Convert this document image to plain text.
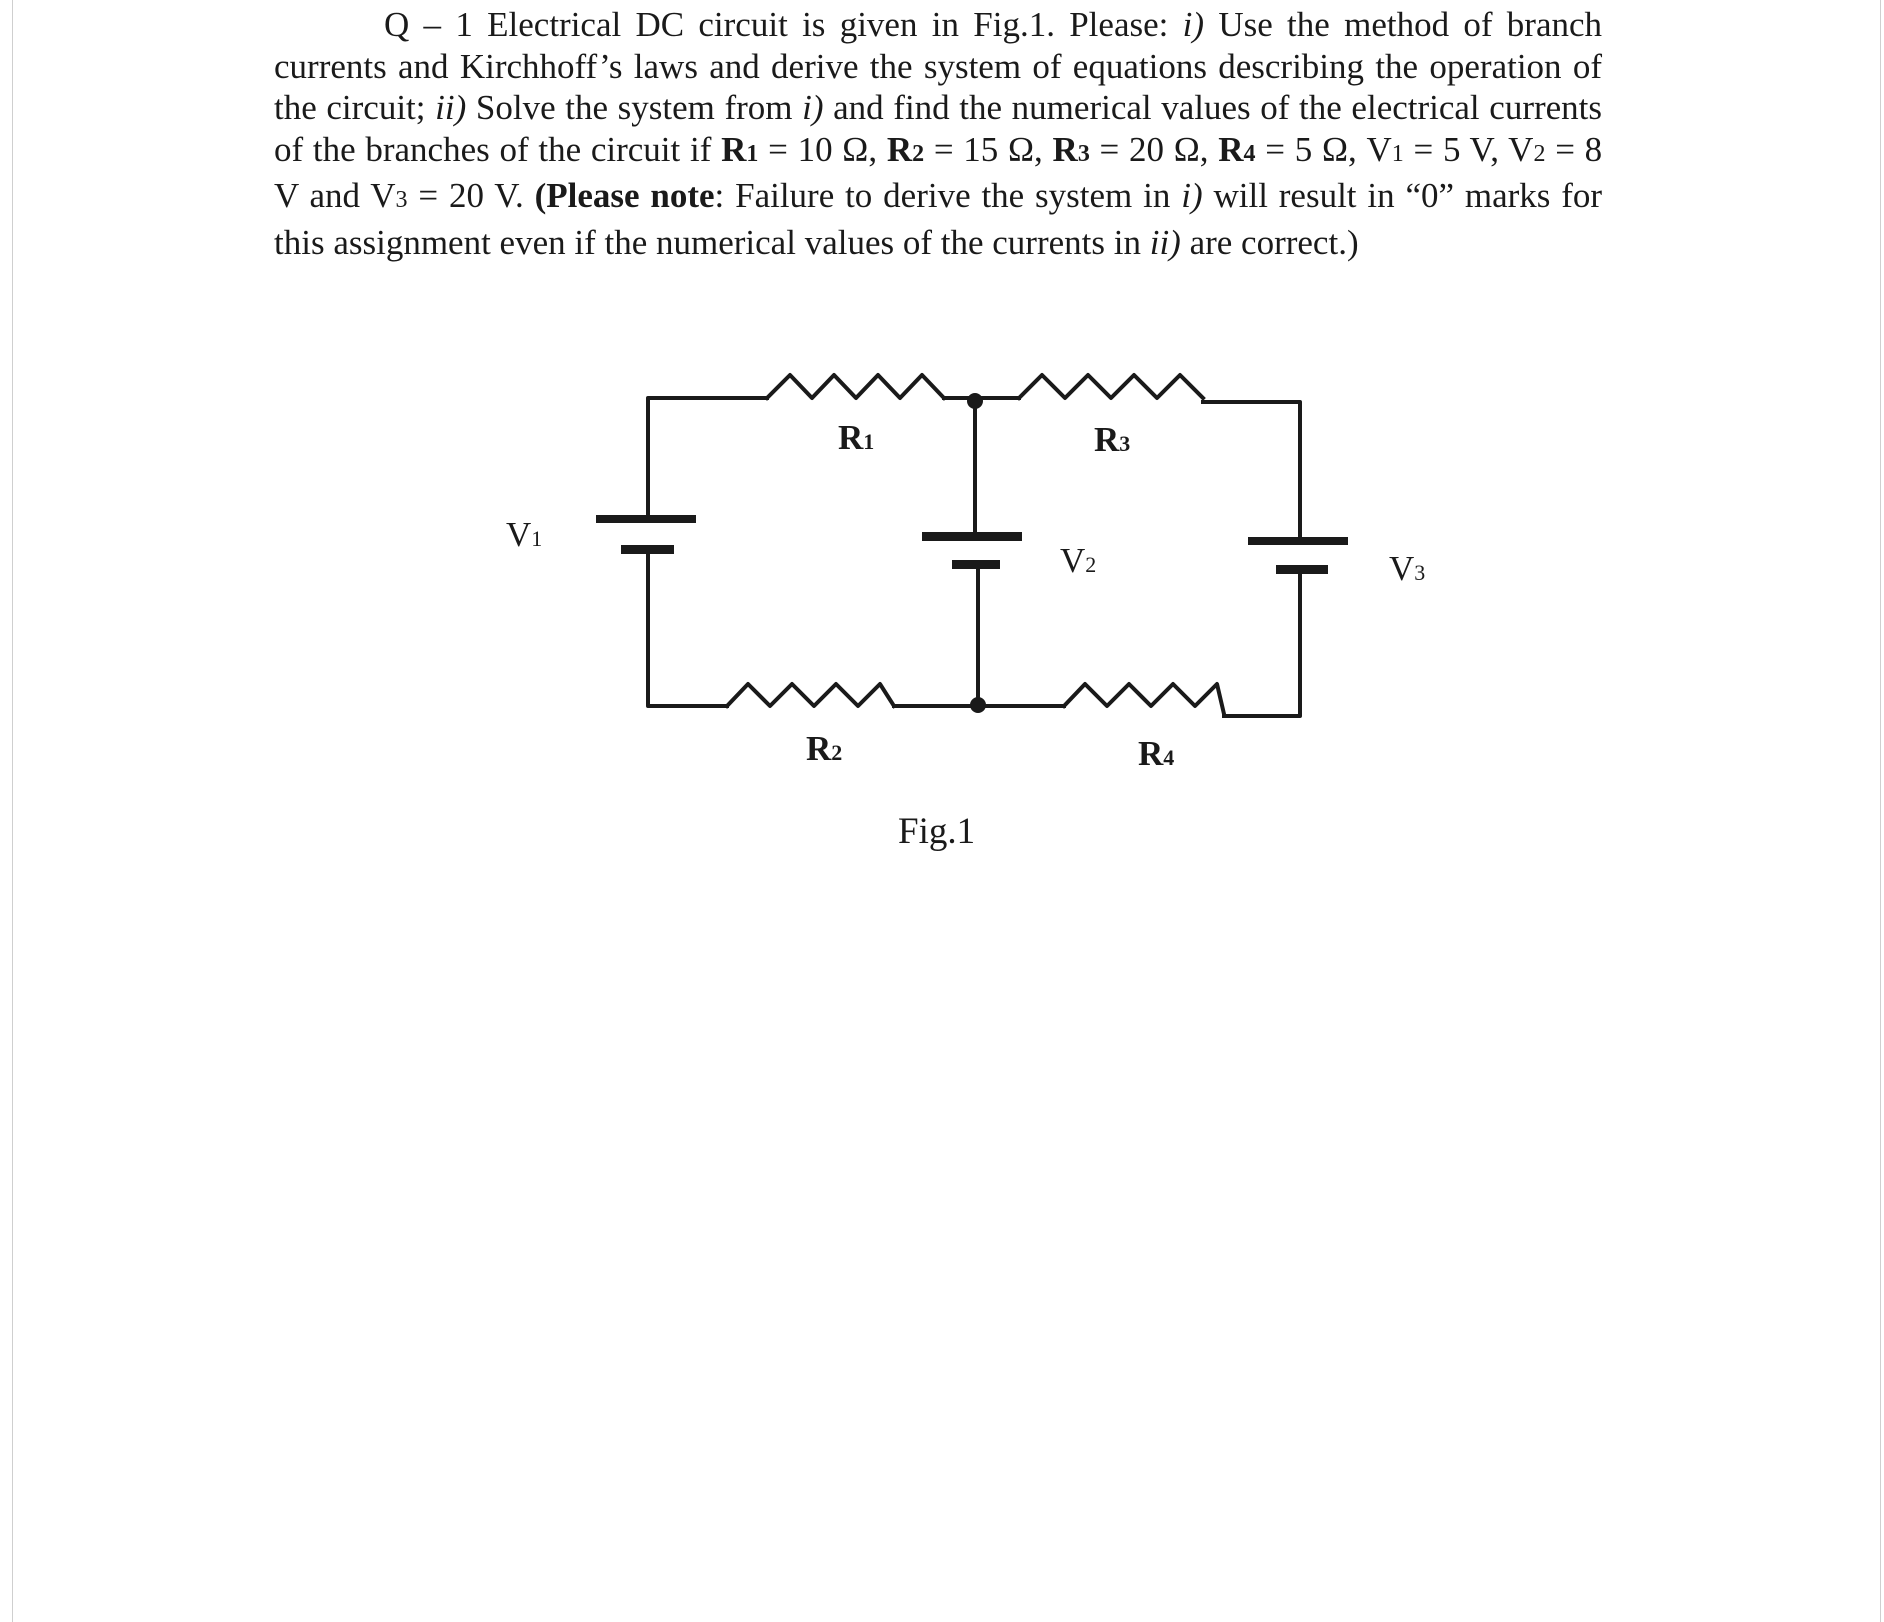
Q – 1 Electrical DC circuit is given in Fig.1. Please: i) Use the method of branch currents and Kirchhoff’s laws and derive the system of equations describing the operation of the circuit; ii) Solve the system from i) and find the numerical values of the electrical currents of the branches of the circuit if R1 = 10 Ω, R2 = 15 Ω, R3 = 20 Ω, R4 = 5 Ω, V1 = 5 V, V2 = 8 V and V3 = 20 V. (Please note: Failure to derive the system in i) will result in “0” marks for this assignment even if the numerical values of the currents in ii) are correct.)
R1	R3
R2	R4
V1
V2	V3
Fig.1
